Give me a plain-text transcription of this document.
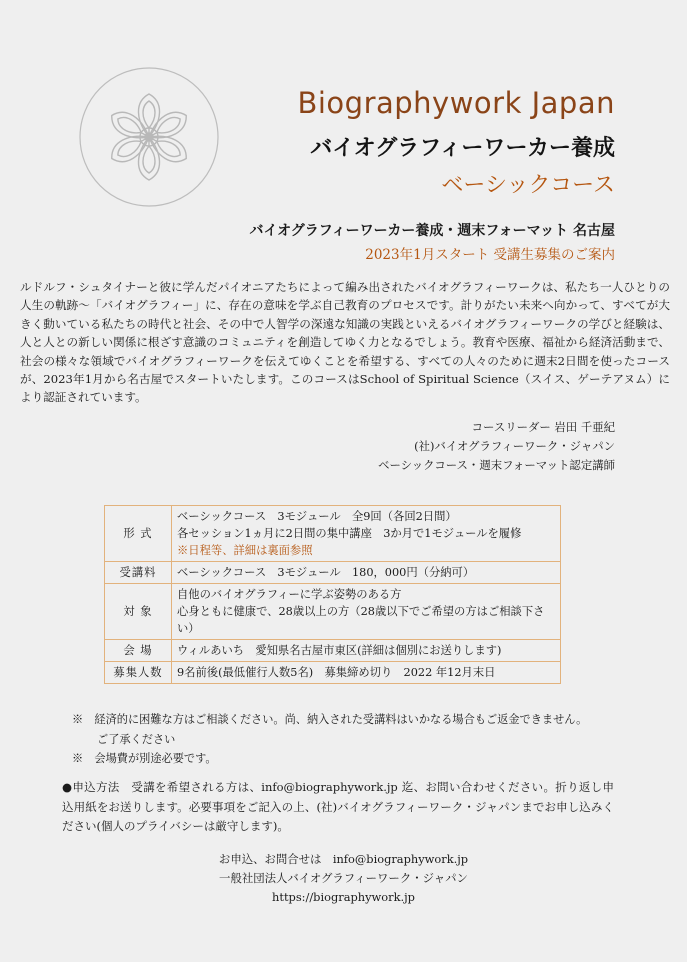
Biographywork Japan
バイオグラフィーワーカー養成
ベーシックコース
バイオグラフィーワーカー養成・週末フォーマット 名古屋
2023年1月スタート 受講生募集のご案内
ルドルフ・シュタイナーと彼に学んだパイオニアたちによって編み出されたバイオグラフィーワークは、私たち一人ひとりの人生の軌跡～「バイオグラフィー」に、存在の意味を学ぶ自己教育のプロセスです。計りがたい未来へ向かって、すべてが大きく動いている私たちの時代と社会、その中で人智学の深遠な知識の実践といえるバイオグラフィーワークの学びと経験は、人と人との新しい関係に根ざす意識のコミュニティを創造してゆく力となるでしょう。教育や医療、福祉から経済活動まで、社会の様々な領域でバイオグラフィーワークを伝えてゆくことを希望する、すべての人々のために週末2日間を使ったコースが、2023年1月から名古屋でスタートいたします。このコースはSchool of Spiritual Science（スイス、ゲーテアヌム）により認証されています。
コースリーダー 岩田 千亜紀
(社)バイオグラフィーワーク・ジャパン
ベーシックコース・週末フォーマット認定講師
形 式	ベーシックコース　3モジュール　全9回（各回2日間）
各セッション1ヵ月に2日間の集中講座　3か月で1モジュールを履修
※日程等、詳細は裏面参照

受講料	ベーシックコース　3モジュール　180，000円（分納可）

対 象	自他のバイオグラフィーに学ぶ姿勢のある方
心身ともに健康で、28歳以上の方（28歳以下でご希望の方はご相談下さい）

会 場	ウィルあいち　愛知県名古屋市東区(詳細は個別にお送りします)

募集人数	9名前後(最低催行人数5名)　募集締め切り　2022 年12月末日
※　経済的に困難な方はご相談ください。尚、納入された受講料はいかなる場合もご返金できません。
ご了承ください
※　会場費が別途必要です。
●申込方法　受講を希望される方は、info@biographywork.jp 迄、お問い合わせください。折り返し申込用紙をお送りします。必要事項をご記入の上、(社)バイオグラフィーワーク・ジャパンまでお申し込みください(個人のプライバシーは厳守します)。
お申込、お問合せは　info@biographywork.jp
一般社団法人バイオグラフィーワーク・ジャパン
https://biographywork.jp
